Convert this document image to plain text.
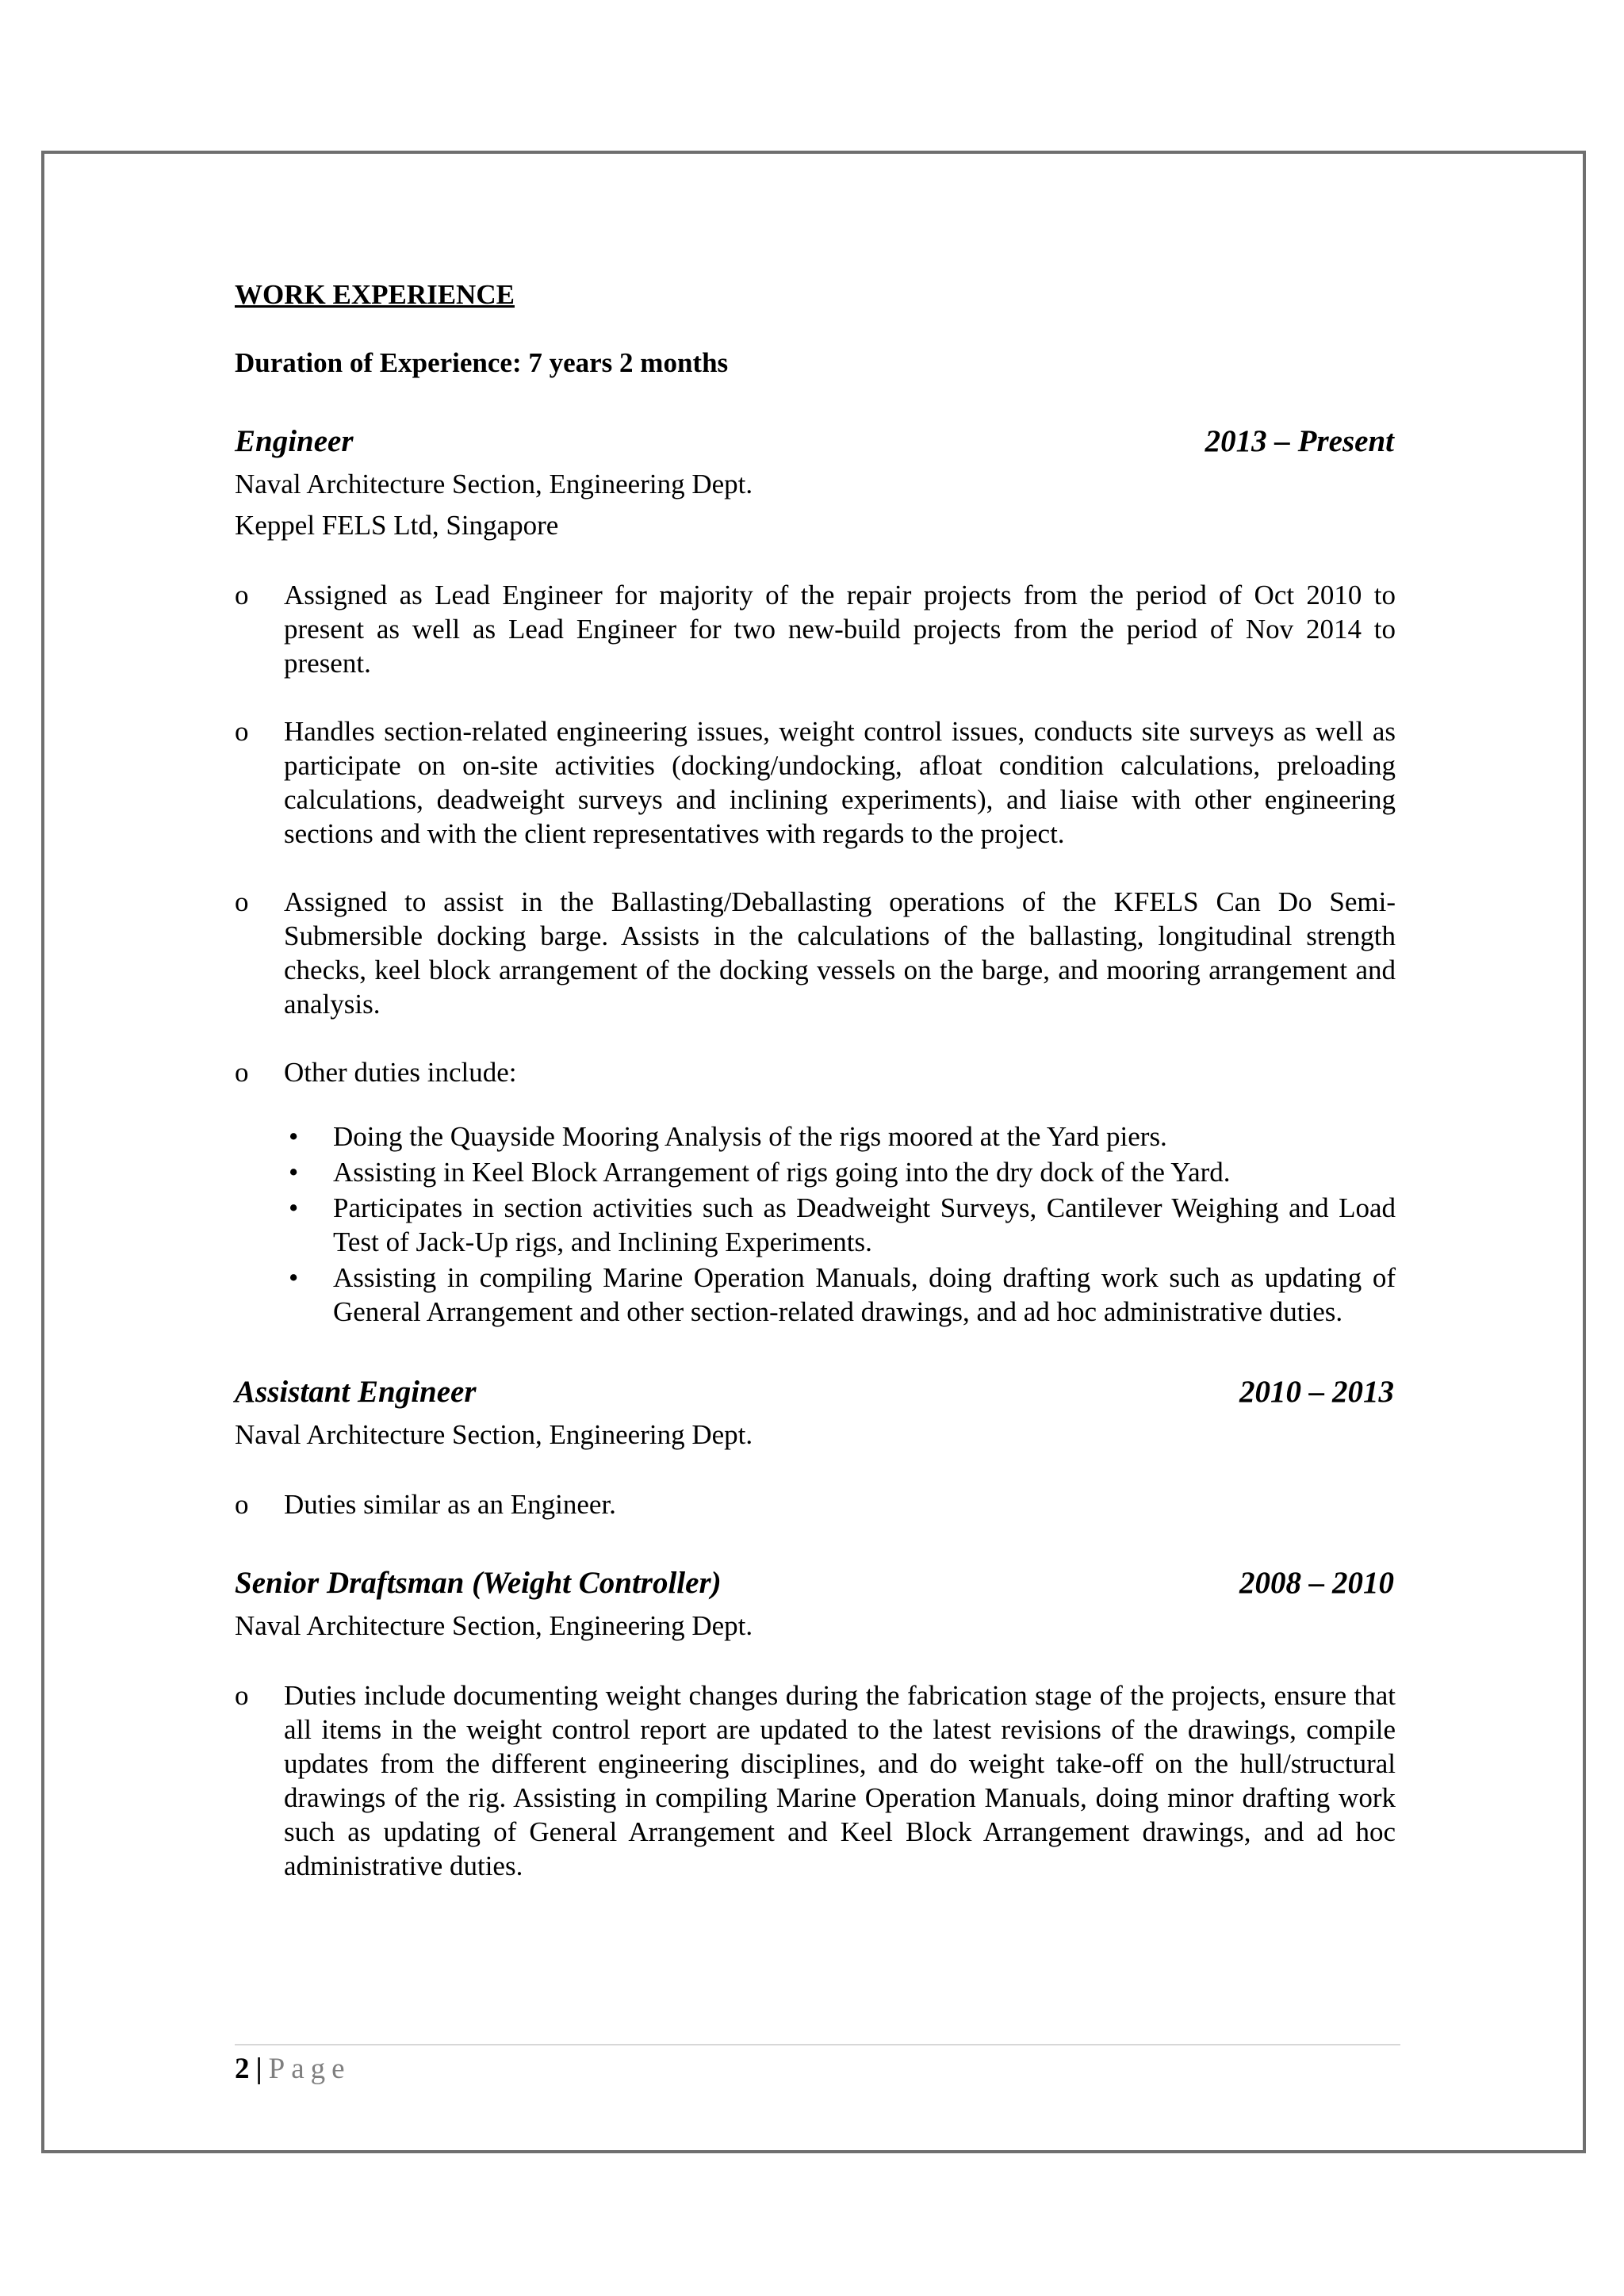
WORK EXPERIENCE
Duration of Experience: 7 years 2 months
Engineer	2013 – Present

Naval Architecture Section, Engineering Dept.

Keppel FELS Ltd, Singapore

o	Assigned as Lead Engineer for majority of the repair projects from the period of Oct 2010 to present as well as Lead Engineer for two new-build projects from the period of Nov 2014 to present.
o	Handles section-related engineering issues, weight control issues, conducts site surveys as well as participate on on-site activities (docking/undocking, afloat condition calculations, preloading calculations, deadweight surveys and inclining experiments), and liaise with other engineering sections and with the client representatives with regards to the project.
o	Assigned to assist in the Ballasting/Deballasting operations of the KFELS Can Do Semi-Submersible docking barge. Assists in the calculations of the ballasting, longitudinal strength checks, keel block arrangement of the docking vessels on the barge, and mooring arrangement and analysis.
o	Other duties include:
•	Doing the Quayside Mooring Analysis of the rigs moored at the Yard piers.
•	Assisting in Keel Block Arrangement of rigs going into the dry dock of the Yard.
•	Participates in section activities such as Deadweight Surveys, Cantilever Weighing and Load Test of Jack-Up rigs, and Inclining Experiments.
•	Assisting in compiling Marine Operation Manuals, doing drafting work such as updating of General Arrangement and other section-related drawings, and ad hoc administrative duties.
Assistant Engineer	2010 – 2013

Naval Architecture Section, Engineering Dept.

o	Duties similar as an Engineer.
Senior Draftsman (Weight Controller)	2008 – 2010

Naval Architecture Section, Engineering Dept.

o	Duties include documenting weight changes during the fabrication stage of the projects, ensure that all items in the weight control report are updated to the latest revisions of the drawings, compile updates from the different engineering disciplines, and do weight take-off on the hull/structural drawings of the rig. Assisting in compiling Marine Operation Manuals, doing minor drafting work such as updating of General Arrangement and Keel Block Arrangement drawings, and ad hoc administrative duties.
2 | Page
